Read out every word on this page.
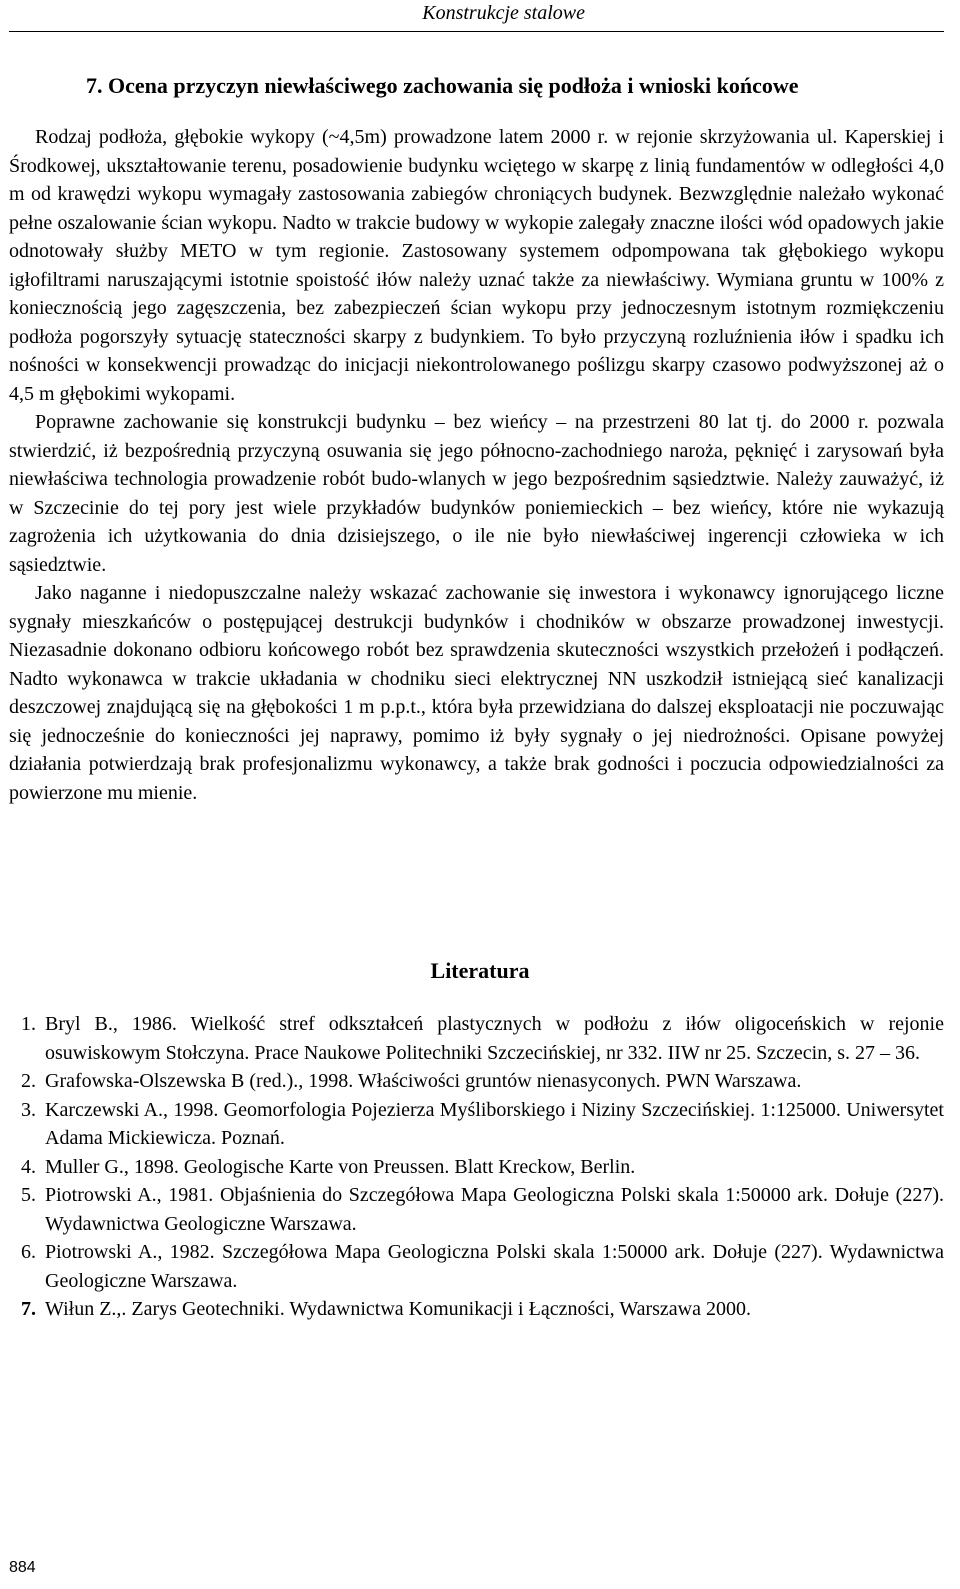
Konstrukcje stalowe
7. Ocena przyczyn niewłaściwego zachowania się podłoża i wnioski końcowe

Rodzaj podłoża, głębokie wykopy (~4,5m) prowadzone latem 2000 r. w rejonie skrzyżowania ul. Kaperskiej i Środkowej, ukształtowanie terenu, posadowienie budynku wciętego w skarpę z linią fundamentów w odległości 4,0 m od krawędzi wykopu wymagały zastosowania zabiegów chroniących budynek. Bezwzględnie należało wykonać pełne oszalowanie ścian wykopu. Nadto w trakcie budowy w wykopie zalegały znaczne ilości wód opadowych jakie odnotowały służby METO w tym regionie. Zastosowany systemem odpompowana tak głębokiego wykopu igłofiltrami naruszającymi istotnie spoistość iłów należy uznać także za niewłaściwy. Wymiana gruntu w 100% z koniecznością jego zagęszczenia, bez zabezpieczeń ścian wykopu przy jednoczesnym istotnym rozmiękczeniu podłoża pogorszyły sytuację stateczności skarpy z budynkiem. To było przyczyną rozluźnienia iłów i spadku ich nośności w konsekwencji prowadząc do inicjacji niekontrolowanego poślizgu skarpy czasowo podwyższonej aż o 4,5 m głębokimi wykopami.

Poprawne zachowanie się konstrukcji budynku – bez wieńcy – na przestrzeni 80 lat tj. do 2000 r. pozwala stwierdzić, iż bezpośrednią przyczyną osuwania się jego północno-zachodniego naroża, pęknięć i zarysowań była niewłaściwa technologia prowadzenie robót budo-wlanych w jego bezpośrednim sąsiedztwie. Należy zauważyć, iż w Szczecinie do tej pory jest wiele przykładów budynków poniemieckich – bez wieńcy, które nie wykazują zagrożenia ich użytkowania do dnia dzisiejszego, o ile nie było niewłaściwej ingerencji człowieka w ich sąsiedztwie.

Jako naganne i niedopuszczalne należy wskazać zachowanie się inwestora i wykonawcy ignorującego liczne sygnały mieszkańców o postępującej destrukcji budynków i chodników w obszarze prowadzonej inwestycji. Niezasadnie dokonano odbioru końcowego robót bez sprawdzenia skuteczności wszystkich przełożeń i podłączeń. Nadto wykonawca w trakcie układania w chodniku sieci elektrycznej NN uszkodził istniejącą sieć kanalizacji deszczowej znajdującą się na głębokości 1 m p.p.t., która była przewidziana do dalszej eksploatacji nie poczuwając się jednocześnie do konieczności jej naprawy, pomimo iż były sygnały o jej niedrożności. Opisane powyżej działania potwierdzają brak profesjonalizmu wykonawcy, a także brak godności i poczucia odpowiedzialności za powierzone mu mienie.

Literatura
1. Bryl B., 1986. Wielkość stref odkształceń plastycznych w podłożu z iłów oligoceńskich w rejonie osuwiskowym Stołczyna. Prace Naukowe Politechniki Szczecińskiej, nr 332. IIW nr 25. Szczecin, s. 27 – 36.
2. Grafowska-Olszewska B (red.)., 1998. Właściwości gruntów nienasyconych. PWN Warszawa.
3. Karczewski A., 1998. Geomorfologia Pojezierza Myśliborskiego i Niziny Szczecińskiej. 1:125000. Uniwersytet Adama Mickiewicza. Poznań.
4. Muller G., 1898. Geologische Karte von Preussen. Blatt Kreckow, Berlin.
5. Piotrowski A., 1981. Objaśnienia do Szczegółowa Mapa Geologiczna Polski skala 1:50000 ark. Dołuje (227). Wydawnictwa Geologiczne Warszawa.
6. Piotrowski A., 1982. Szczegółowa Mapa Geologiczna Polski skala 1:50000 ark. Dołuje (227). Wydawnictwa Geologiczne Warszawa.
7. Wiłun Z.,. Zarys Geotechniki. Wydawnictwa Komunikacji i Łączności, Warszawa 2000.
884
